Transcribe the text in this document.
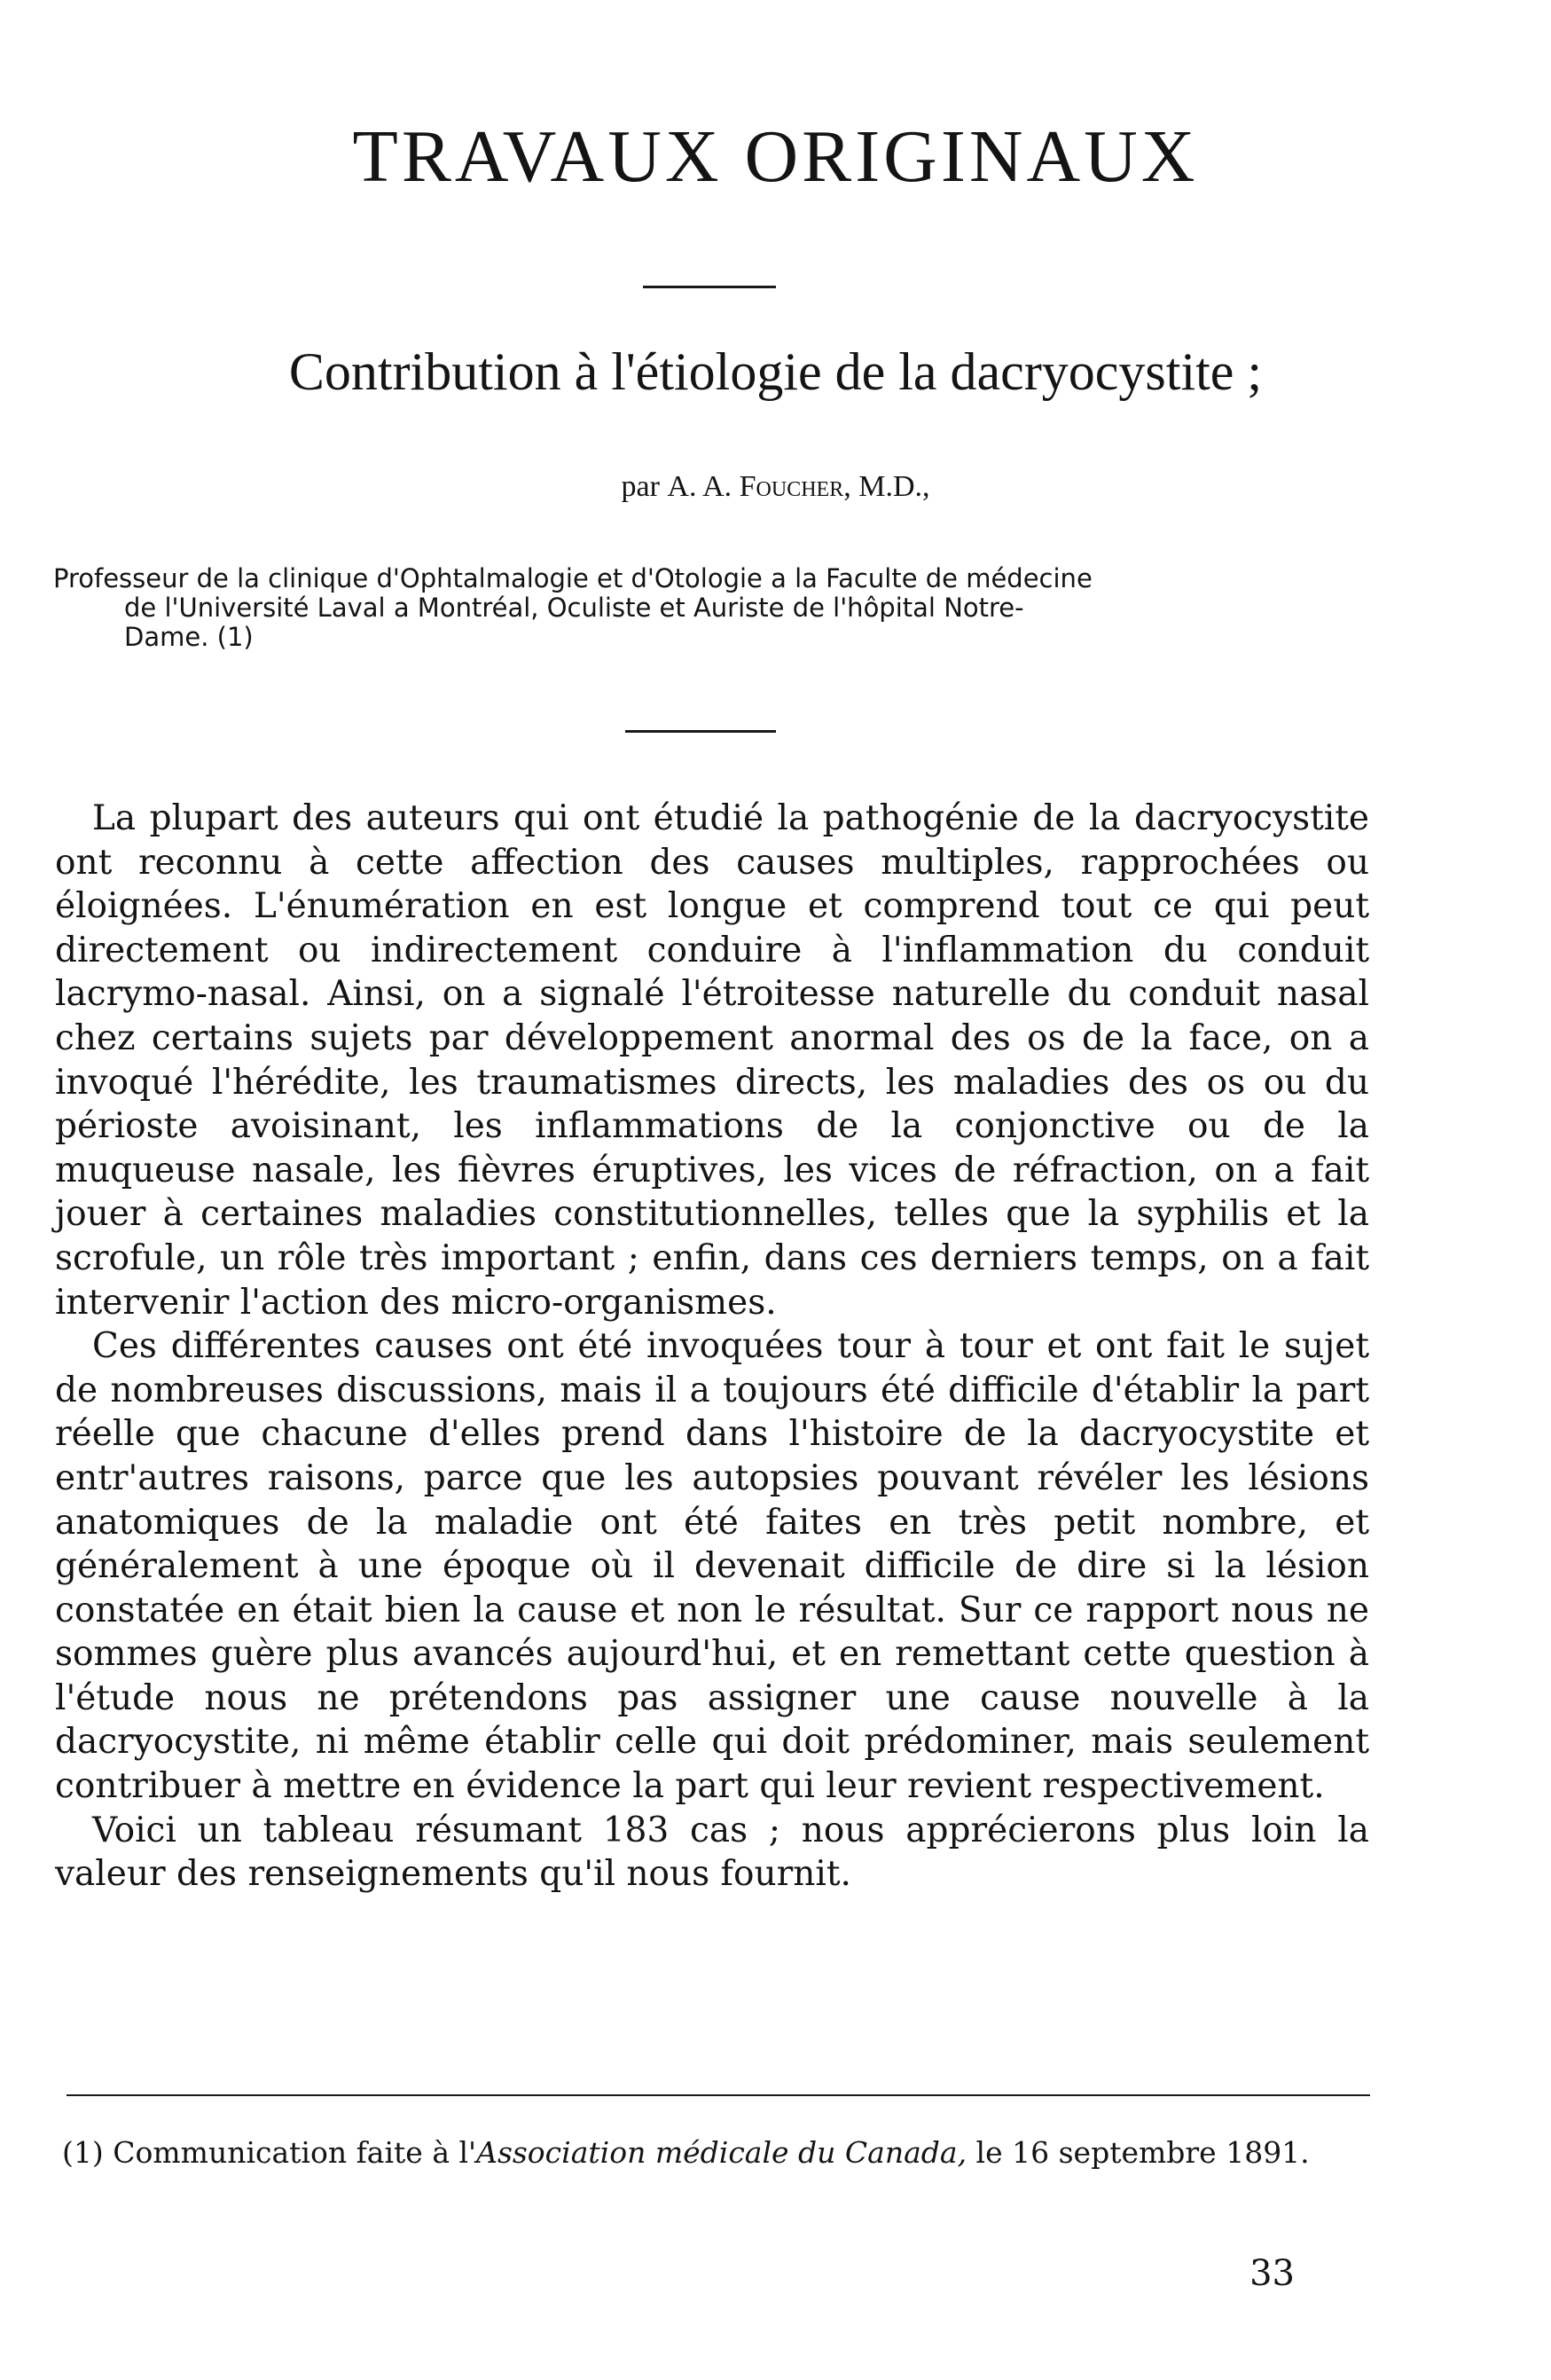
TRAVAUX ORIGINAUX
Contribution à l'étiologie de la dacryocystite ;
par A. A. Foucher, M.D.,
Professeur de la clinique d'Ophtalmalogie et d'Otologie a la Faculte de médecine
de l'Université Laval a Montréal, Oculiste et Auriste de l'hôpital Notre-
Dame. (1)

La plupart des auteurs qui ont étudié la pathogénie de la dacryocystite ont reconnu à cette affection des causes multiples, rapprochées ou éloignées. L'énumération en est longue et comprend tout ce qui peut directement ou indirectement conduire à l'inflammation du conduit lacrymo-nasal. Ainsi, on a signalé l'étroitesse naturelle du conduit nasal chez certains sujets par développement anormal des os de la face, on a invoqué l'hérédite, les traumatismes directs, les maladies des os ou du périoste avoisinant, les inflammations de la conjonctive ou de la muqueuse nasale, les fièvres éruptives, les vices de réfraction, on a fait jouer à certaines maladies constitutionnelles, telles que la syphilis et la scrofule, un rôle très important ; enfin, dans ces derniers temps, on a fait intervenir l'action des micro-organismes.

Ces différentes causes ont été invoquées tour à tour et ont fait le sujet de nombreuses discussions, mais il a toujours été difficile d'établir la part réelle que chacune d'elles prend dans l'histoire de la dacryocystite et entr'autres raisons, parce que les autopsies pouvant révéler les lésions anatomiques de la maladie ont été faites en très petit nombre, et généralement à une époque où il devenait difficile de dire si la lésion constatée en était bien la cause et non le résultat. Sur ce rapport nous ne sommes guère plus avancés aujourd'hui, et en remettant cette question à l'étude nous ne prétendons pas assigner une cause nouvelle à la dacryocystite, ni même établir celle qui doit prédominer, mais seulement contribuer à mettre en évidence la part qui leur revient respectivement.

Voici un tableau résumant 183 cas ; nous apprécierons plus loin la valeur des renseignements qu'il nous fournit.

(1) Communication faite à l'Association médicale du Canada, le 16 septembre 1891.
33
